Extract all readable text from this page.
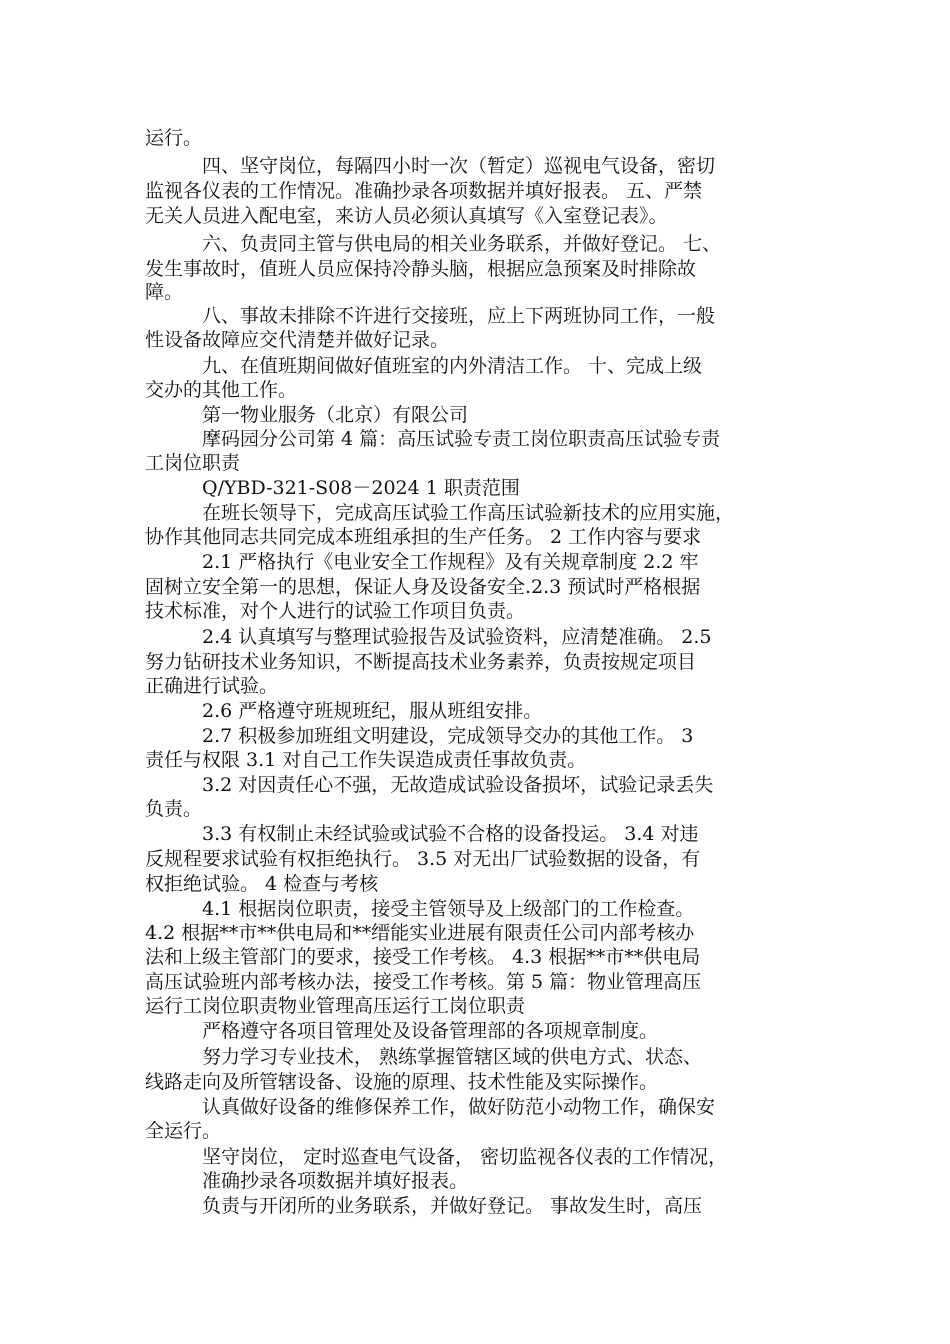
运行。
四、坚守岗位，每隔四小时一次（暂定）巡视电气设备，密切
监视各仪表的工作情况。准确抄录各项数据并填好报表。 五、严禁
无关人员进入配电室，来访人员必须认真填写《入室登记表》。
六、负责同主管与供电局的相关业务联系，并做好登记。 七、
发生事故时，值班人员应保持冷静头脑，根据应急预案及时排除故
障。
八、事故未排除不许进行交接班，应上下两班协同工作，一般
性设备故障应交代清楚并做好记录。
九、在值班期间做好值班室的内外清洁工作。 十、完成上级
交办的其他工作。
第一物业服务（北京）有限公司
摩码园分公司第 4 篇：高压试验专责工岗位职责高压试验专责
工岗位职责
Q/YBD-321-S08－2024 1 职责范围
在班长领导下，完成高压试验工作高压试验新技术的应用实施，
协作其他同志共同完成本班组承担的生产任务。 2 工作内容与要求
2.1 严格执行《电业安全工作规程》及有关规章制度 2.2 牢
固树立安全第一的思想，保证人身及设备安全.2.3 预试时严格根据
技术标准，对个人进行的试验工作项目负责。
2.4 认真填写与整理试验报告及试验资料，应清楚准确。 2.5
努力钻研技术业务知识，不断提高技术业务素养，负责按规定项目
正确进行试验。
2.6 严格遵守班规班纪，服从班组安排。
2.7 积极参加班组文明建设，完成领导交办的其他工作。 3
责任与权限 3.1 对自己工作失误造成责任事故负责。
3.2 对因责任心不强，无故造成试验设备损坏，试验记录丢失
负责。
3.3 有权制止未经试验或试验不合格的设备投运。 3.4 对违
反规程要求试验有权拒绝执行。 3.5 对无出厂试验数据的设备，有
权拒绝试验。 4 检查与考核
4.1 根据岗位职责，接受主管领导及上级部门的工作检查。
4.2 根据**市**供电局和**缙能实业进展有限责任公司内部考核办
法和上级主管部门的要求，接受工作考核。 4.3 根据**市**供电局
高压试验班内部考核办法，接受工作考核。第 5 篇：物业管理高压
运行工岗位职责物业管理高压运行工岗位职责
严格遵守各项目管理处及设备管理部的各项规章制度。
努力学习专业技术， 熟练掌握管辖区域的供电方式、状态、
线路走向及所管辖设备、设施的原理、技术性能及实际操作。
认真做好设备的维修保养工作，做好防范小动物工作，确保安
全运行。
坚守岗位， 定时巡查电气设备， 密切监视各仪表的工作情况，
准确抄录各项数据并填好报表。
负责与开闭所的业务联系，并做好登记。 事故发生时，高压
